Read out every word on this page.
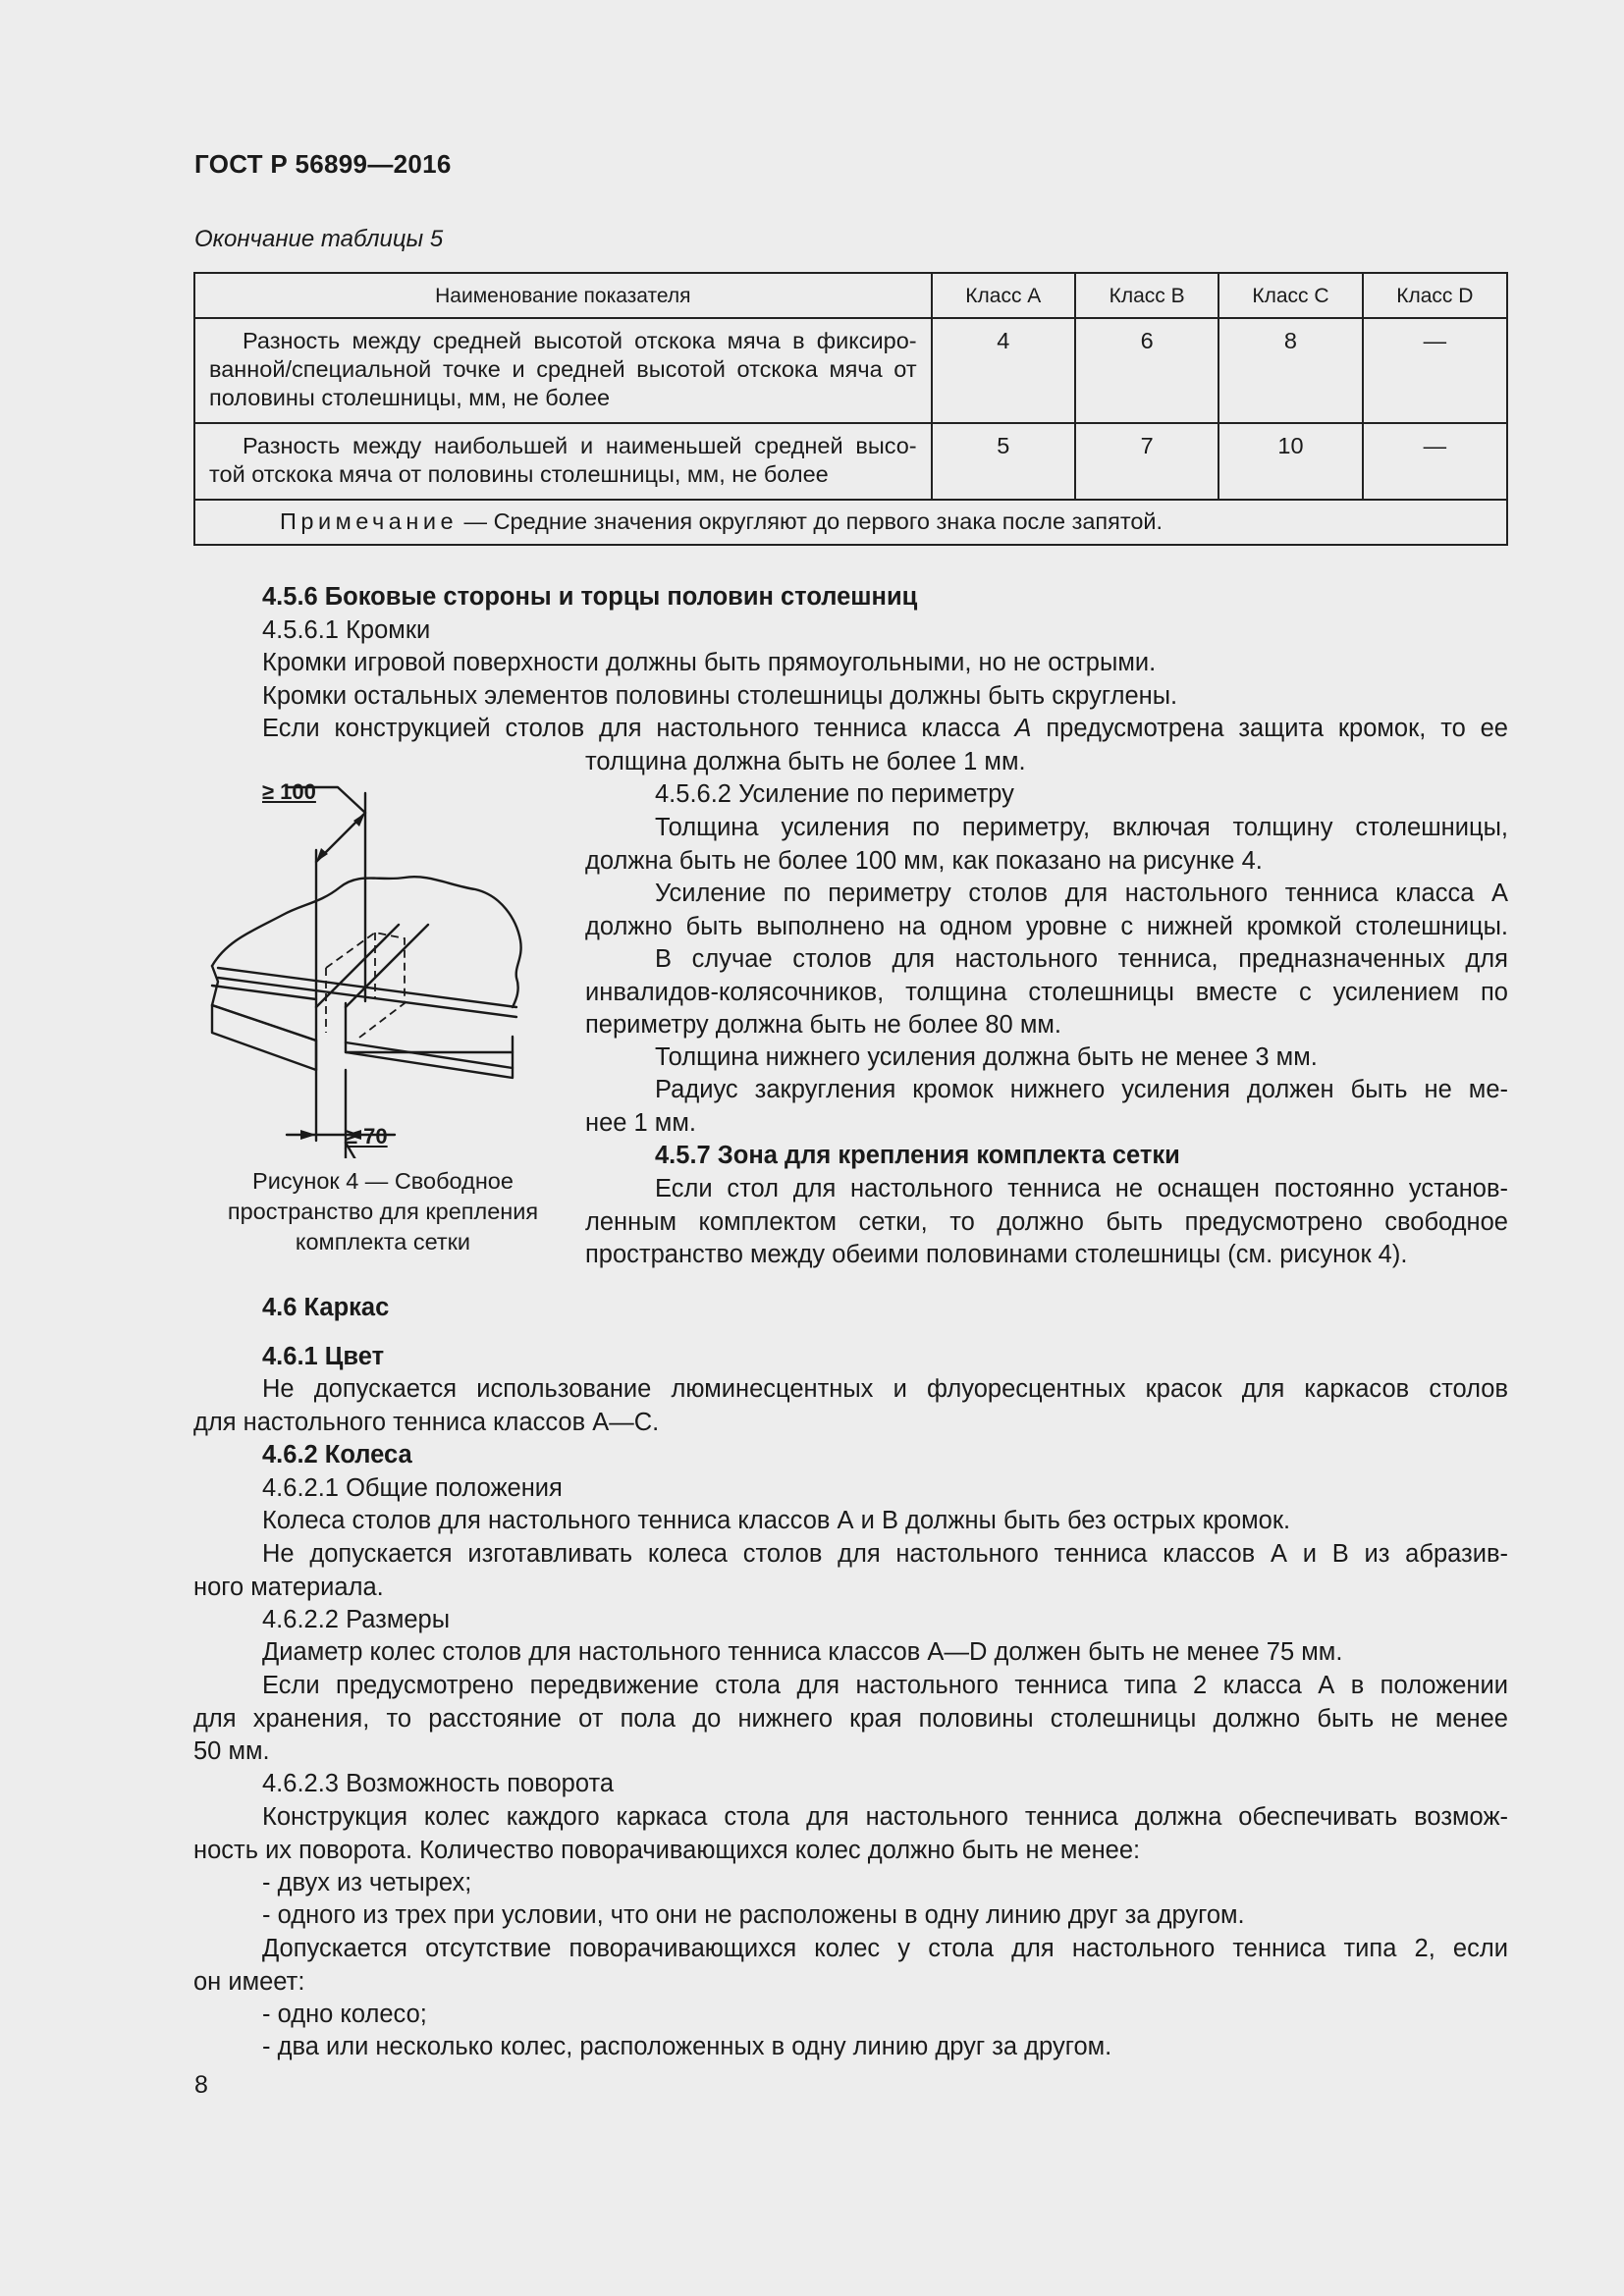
ГОСТ Р 56899—2016
Окончание таблицы 5
Наименование показателя	Класс А	Класс В	Класс С	Класс D

Разность между средней высотой отскока мяча в фиксиро-
ванной/специальной точке и средней высотой отскока мяча от
половины столешницы, мм, не более	4	6	8	—

Разность между наибольшей и наименьшей средней высо-
той отскока мяча от половины столешницы, мм, не более	5	7	10	—
Примечание — Средние значения округляют до первого знака после запятой.				
4.5.6 Боковые стороны и торцы половин столешниц
4.5.6.1 Кромки
Кромки игровой поверхности должны быть прямоугольными, но не острыми.
Кромки остальных элементов половины столешницы должны быть скруглены.
Если конструкцией столов для настольного тенниса класса А предусмотрена защита кромок, то ее
толщина должна быть не более 1 мм.
4.5.6.2 Усиление по периметру
Толщина усиления по периметру, включая толщину столешницы,
должна быть не более 100 мм, как показано на рисунке 4.
Усиление по периметру столов для настольного тенниса класса А
должно быть выполнено на одном уровне с нижней кромкой столешницы.
В случае столов для настольного тенниса, предназначенных для
инвалидов-колясочников, толщина столешницы вместе с усилением по
периметру должна быть не более 80 мм.
Толщина нижнего усиления должна быть не менее 3 мм.
Радиус закругления кромок нижнего усиления должен быть не ме-
нее 1 мм.
4.5.7 Зона для крепления комплекта сетки
Если стол для настольного тенниса не оснащен постоянно установ-
ленным комплектом сетки, то должно быть предусмотрено свободное
пространство между обеими половинами столешницы (см. рисунок 4).
≥ 100
≥ 70
Рисунок 4 — Свободное
пространство для крепления
комплекта сетки
4.6 Каркас
4.6.1 Цвет
Не допускается использование люминесцентных и флуоресцентных красок для каркасов столов
для настольного тенниса классов А—С.
4.6.2 Колеса
4.6.2.1 Общие положения
Колеса столов для настольного тенниса классов А и В должны быть без острых кромок.
Не допускается изготавливать колеса столов для настольного тенниса классов А и В из абразив-
ного материала.
4.6.2.2 Размеры
Диаметр колес столов для настольного тенниса классов А—D должен быть не менее 75 мм.
Если предусмотрено передвижение стола для настольного тенниса типа 2 класса А в положении
для хранения, то расстояние от пола до нижнего края половины столешницы должно быть не менее
50 мм.
4.6.2.3 Возможность поворота
Конструкция колес каждого каркаса стола для настольного тенниса должна обеспечивать возмож-
ность их поворота. Количество поворачивающихся колес должно быть не менее:
- двух из четырех;
- одного из трех при условии, что они не расположены в одну линию друг за другом.
Допускается отсутствие поворачивающихся колес у стола для настольного тенниса типа 2, если
он имеет:
- одно колесо;
- два или несколько колес, расположенных в одну линию друг за другом.
8
